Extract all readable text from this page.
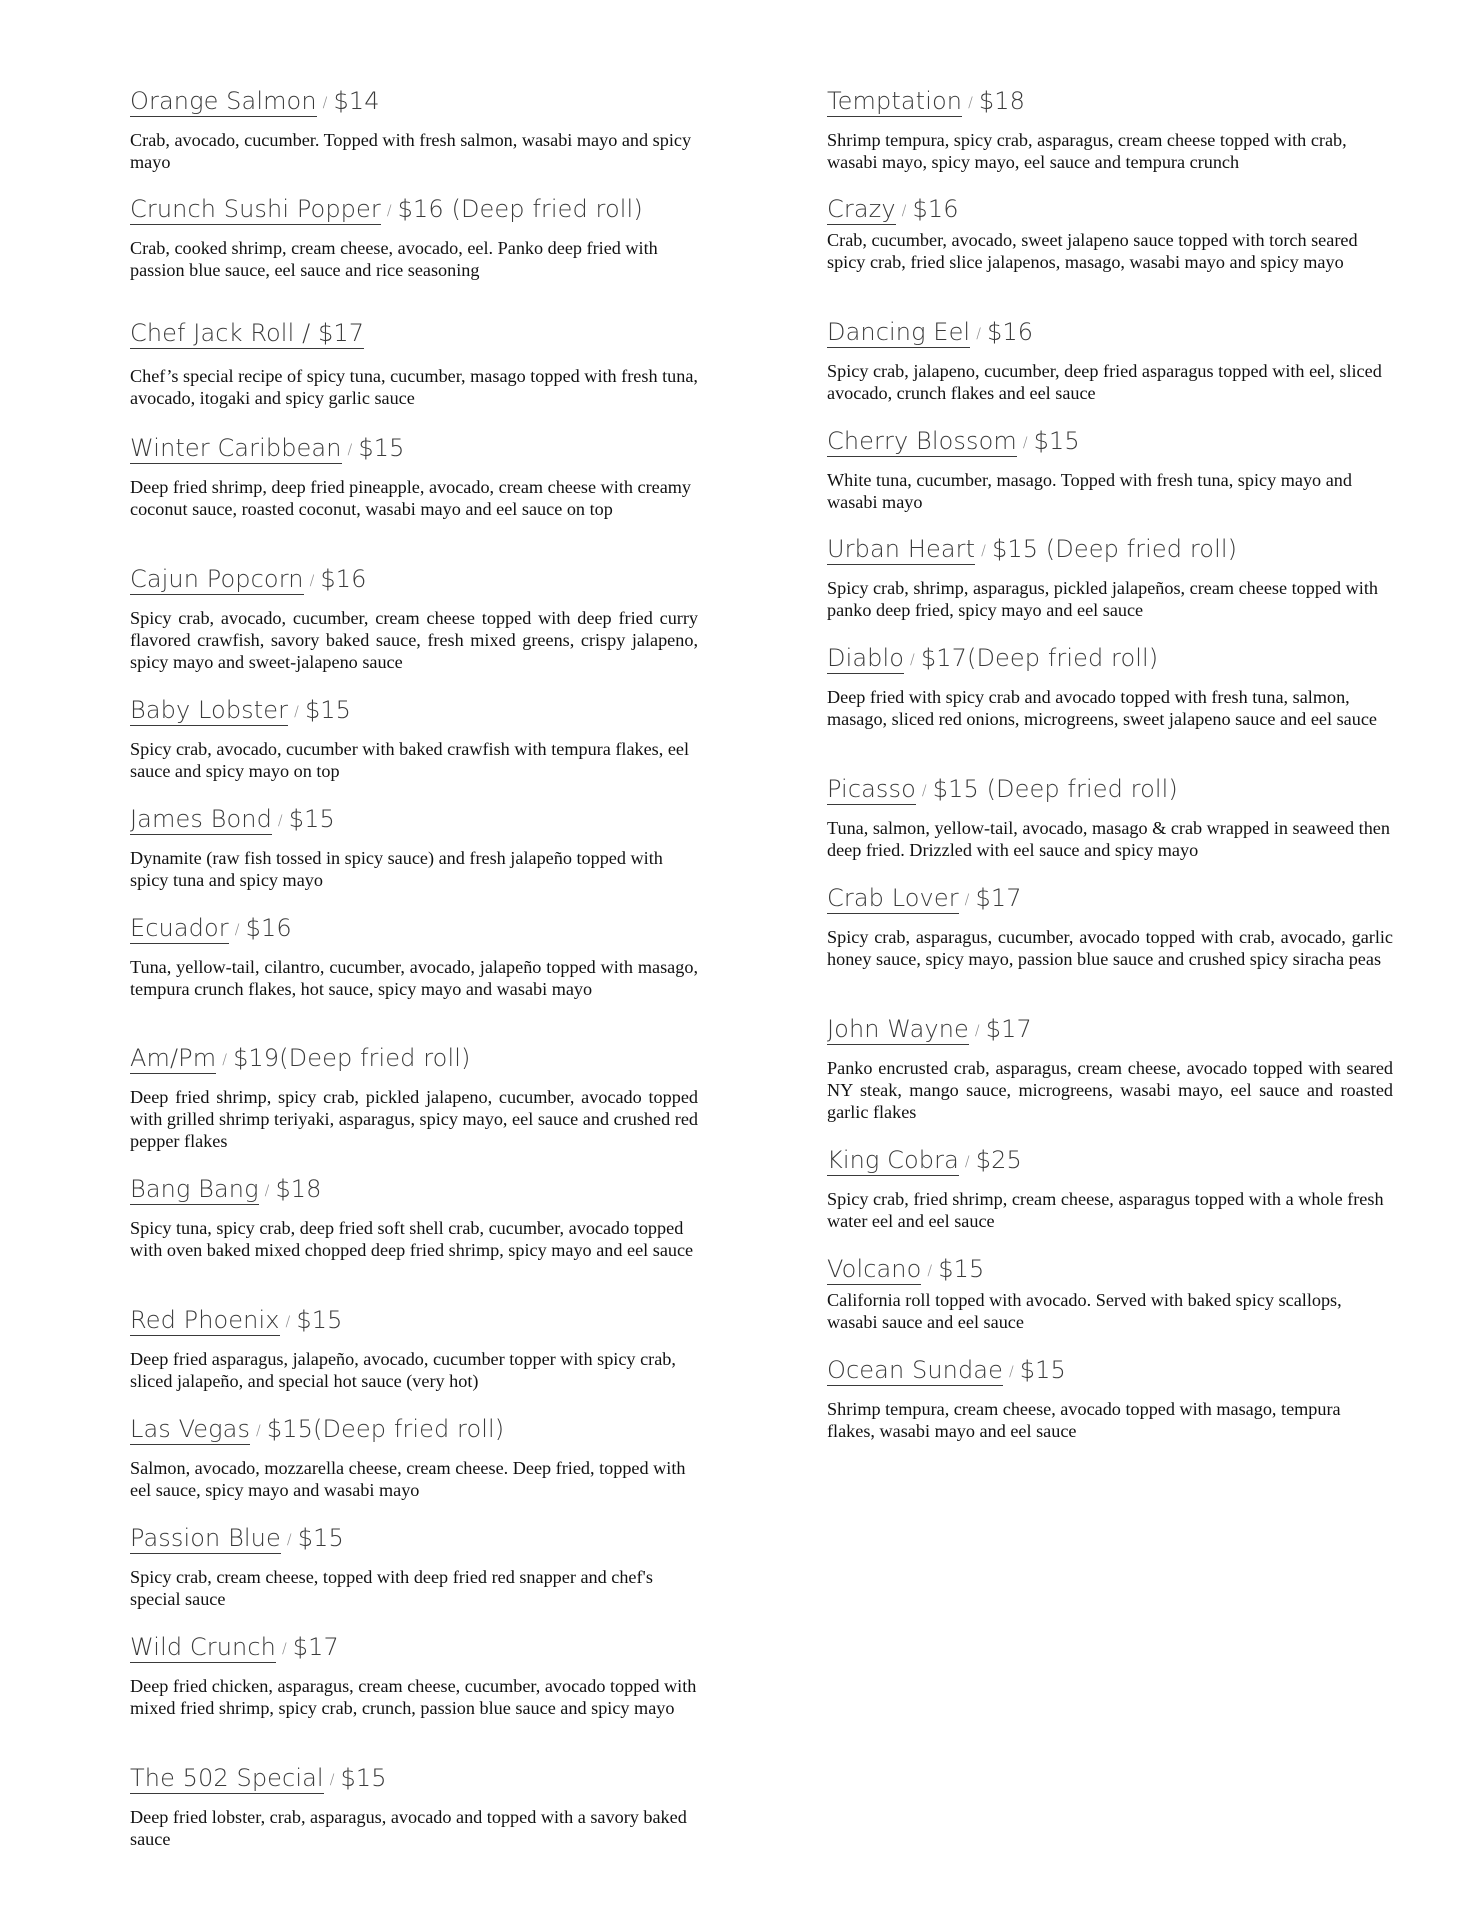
Orange Salmon / $14
Crab, avocado, cucumber. Topped with fresh salmon, wasabi mayo and spicy mayo
Crunch Sushi Popper / $16 (Deep fried roll)
Crab, cooked shrimp, cream cheese, avocado, eel. Panko deep fried with passion blue sauce, eel sauce and rice seasoning
Chef Jack Roll / $17
Chef’s special recipe of spicy tuna, cucumber, masago topped with fresh tuna, avocado, itogaki and spicy garlic sauce
Winter Caribbean / $15
Deep fried shrimp, deep fried pineapple, avocado, cream cheese with creamy coconut sauce, roasted coconut, wasabi mayo and eel sauce on top
Cajun Popcorn / $16
Spicy crab, avocado, cucumber, cream cheese topped with deep fried curry flavored crawfish, savory baked sauce, fresh mixed greens, crispy jalapeno, spicy mayo and sweet-jalapeno sauce
Baby Lobster / $15
Spicy crab, avocado, cucumber with baked crawfish with tempura flakes, eel sauce and spicy mayo on top
James Bond / $15
Dynamite (raw fish tossed in spicy sauce) and fresh jalapeño topped with spicy tuna and spicy mayo
Ecuador / $16
Tuna, yellow-tail, cilantro, cucumber, avocado, jalapeño topped with masago, tempura crunch flakes, hot sauce, spicy mayo and wasabi mayo
Am/Pm / $19(Deep fried roll)
Deep fried shrimp, spicy crab, pickled jalapeno, cucumber, avocado topped with grilled shrimp teriyaki, asparagus, spicy mayo, eel sauce and crushed red pepper flakes
Bang Bang / $18
Spicy tuna, spicy crab, deep fried soft shell crab, cucumber, avocado topped with oven baked mixed chopped deep fried shrimp, spicy mayo and eel sauce
Red Phoenix / $15
Deep fried asparagus, jalapeño, avocado, cucumber topper with spicy crab, sliced jalapeño, and special hot sauce (very hot)
Las Vegas / $15(Deep fried roll)
Salmon, avocado, mozzarella cheese, cream cheese. Deep fried, topped with eel sauce, spicy mayo and wasabi mayo
Passion Blue / $15
Spicy crab, cream cheese, topped with deep fried red snapper and chef's special sauce
Wild Crunch / $17
Deep fried chicken, asparagus, cream cheese, cucumber, avocado topped with mixed fried shrimp, spicy crab, crunch, passion blue sauce and spicy mayo
The 502 Special / $15
Deep fried lobster, crab, asparagus, avocado and topped with a savory baked sauce
Temptation / $18
Shrimp tempura, spicy crab, asparagus, cream cheese topped with crab, wasabi mayo, spicy mayo, eel sauce and tempura crunch
Crazy / $16
Crab, cucumber, avocado, sweet jalapeno sauce topped with torch seared spicy crab, fried slice jalapenos, masago, wasabi mayo and spicy mayo
Dancing Eel / $16
Spicy crab, jalapeno, cucumber, deep fried asparagus topped with eel, sliced avocado, crunch flakes and eel sauce
Cherry Blossom / $15
White tuna, cucumber, masago. Topped with fresh tuna, spicy mayo and wasabi mayo
Urban Heart / $15 (Deep fried roll)
Spicy crab, shrimp, asparagus, pickled jalapeños, cream cheese topped with panko deep fried, spicy mayo and eel sauce
Diablo / $17(Deep fried roll)
Deep fried with spicy crab and avocado topped with fresh tuna, salmon, masago, sliced red onions, microgreens, sweet jalapeno sauce and eel sauce
Picasso / $15 (Deep fried roll)
Tuna, salmon, yellow-tail, avocado, masago & crab wrapped in seaweed then deep fried. Drizzled with eel sauce and spicy mayo
Crab Lover / $17
Spicy crab, asparagus, cucumber, avocado topped with crab, avocado, garlic honey sauce, spicy mayo, passion blue sauce and crushed spicy siracha peas
John Wayne / $17
Panko encrusted crab, asparagus, cream cheese, avocado topped with seared NY steak, mango sauce, microgreens, wasabi mayo, eel sauce and roasted garlic flakes
King Cobra / $25
Spicy crab, fried shrimp, cream cheese, asparagus topped with a whole fresh water eel and eel sauce
Volcano / $15
California roll topped with avocado. Served with baked spicy scallops, wasabi sauce and eel sauce
Ocean Sundae / $15
Shrimp tempura, cream cheese, avocado topped with masago, tempura flakes, wasabi mayo and eel sauce
